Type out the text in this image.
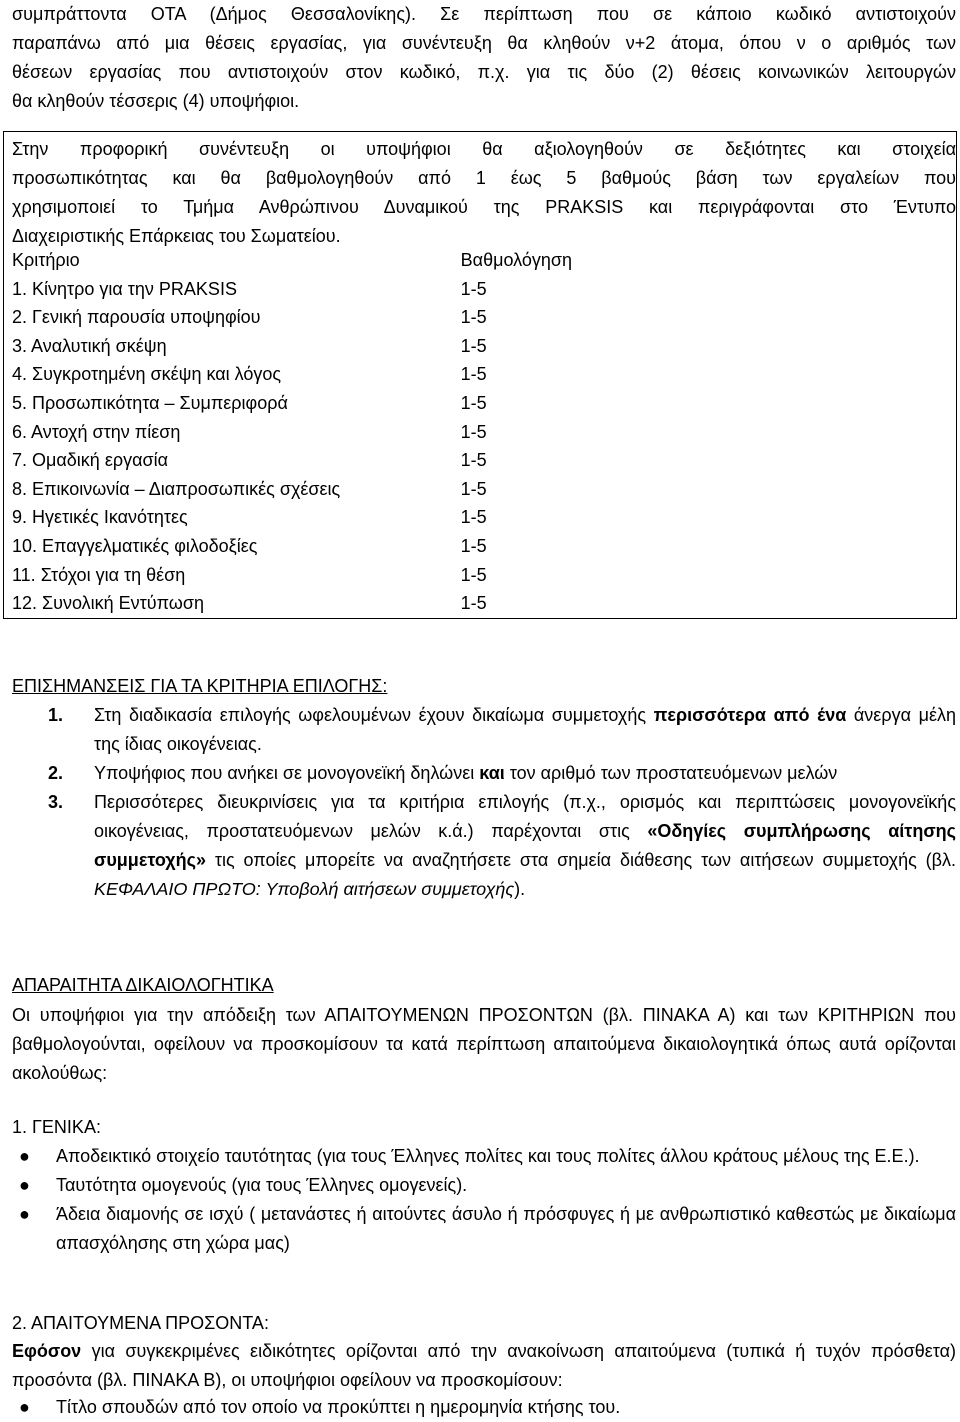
συμπράττοντα ΟΤΑ (Δήμος Θεσσαλονίκης). Σε περίπτωση που σε κάποιο κωδικό αντιστοιχούν
παραπάνω από μια θέσεις εργασίας, για συνέντευξη θα κληθούν ν+2 άτομα, όπου ν ο αριθμός των
θέσεων εργασίας που αντιστοιχούν στον κωδικό, π.χ. για τις δύο (2) θέσεις κοινωνικών λειτουργών
θα κληθούν τέσσερις (4) υποψήφιοι.

Στην προφορική συνέντευξη οι υποψήφιοι θα αξιολογηθούν σε δεξιότητες και στοιχεία
προσωπικότητας και θα βαθμολογηθούν από 1 έως 5 βαθμούς βάση των εργαλείων που
χρησιμοποιεί το Τμήμα Ανθρώπινου Δυναμικού της PRAKSIS και περιγράφονται στο Έντυπο
Διαχειριστικής Επάρκειας του Σωματείου.

Κριτήριο	Βαθμολόγηση
1. Κίνητρο για την PRAKSIS	1-5
2. Γενική παρουσία υποψηφίου	1-5
3. Αναλυτική σκέψη	1-5
4. Συγκροτημένη σκέψη και λόγος	1-5
5. Προσωπικότητα – Συμπεριφορά	1-5
6. Αντοχή στην πίεση	1-5
7. Ομαδική εργασία	1-5
8. Επικοινωνία – Διαπροσωπικές σχέσεις	1-5
9. Ηγετικές Ικανότητες	1-5
10. Επαγγελματικές φιλοδοξίες	1-5
11. Στόχοι για τη θέση	1-5
12. Συνολική Εντύπωση	1-5

ΕΠΙΣΗΜΑΝΣΕΙΣ ΓΙΑ ΤΑ ΚΡΙΤΗΡΙΑ ΕΠΙΛΟΓΗΣ:

1. Στη διαδικασία επιλογής ωφελουμένων έχουν δικαίωμα συμμετοχής περισσότερα από ένα άνεργα μέλη της ίδιας οικογένειας.
2. Υποψήφιος που ανήκει σε μονογονεϊκή δηλώνει και τον αριθμό των προστατευόμενων μελών
3. Περισσότερες διευκρινίσεις για τα κριτήρια επιλογής (π.χ., ορισμός και περιπτώσεις μονογονεϊκής οικογένειας, προστατευόμενων μελών κ.ά.) παρέχονται στις «Οδηγίες συμπλήρωσης αίτησης συμμετοχής» τις οποίες μπορείτε να αναζητήσετε στα σημεία διάθεσης των αιτήσεων συμμετοχής (βλ. ΚΕΦΑΛΑΙΟ ΠΡΩΤΟ: Υποβολή αιτήσεων συμμετοχής).

ΑΠΑΡΑΙΤΗΤΑ ΔΙΚΑΙΟΛΟΓΗΤΙΚΑ

Οι υποψήφιοι για την απόδειξη των ΑΠΑΙΤΟΥΜΕΝΩΝ ΠΡΟΣΟΝΤΩΝ (βλ. ΠΙΝΑΚΑ Α) και των ΚΡΙΤΗΡΙΩΝ που βαθμολογούνται, οφείλουν να προσκομίσουν τα κατά περίπτωση απαιτούμενα δικαιολογητικά όπως αυτά ορίζονται ακολούθως:

1. ΓΕΝΙΚΑ:

● Αποδεικτικό στοιχείο ταυτότητας (για τους Έλληνες πολίτες και τους πολίτες άλλου κράτους μέλους της Ε.Ε.).
● Ταυτότητα ομογενούς (για τους Έλληνες ομογενείς).
● Άδεια διαμονής σε ισχύ ( μετανάστες ή αιτούντες άσυλο ή πρόσφυγες ή με ανθρωπιστικό καθεστώς με δικαίωμα απασχόλησης στη χώρα μας)

2. ΑΠΑΙΤΟΥΜΕΝΑ ΠΡΟΣΟΝΤΑ:

Εφόσον για συγκεκριμένες ειδικότητες ορίζονται από την ανακοίνωση απαιτούμενα (τυπικά ή τυχόν πρόσθετα) προσόντα (βλ. ΠΙΝΑΚΑ Β), οι υποψήφιοι οφείλουν να προσκομίσουν:

● Τίτλο σπουδών από τον οποίο να προκύπτει η ημερομηνία κτήσης του.
